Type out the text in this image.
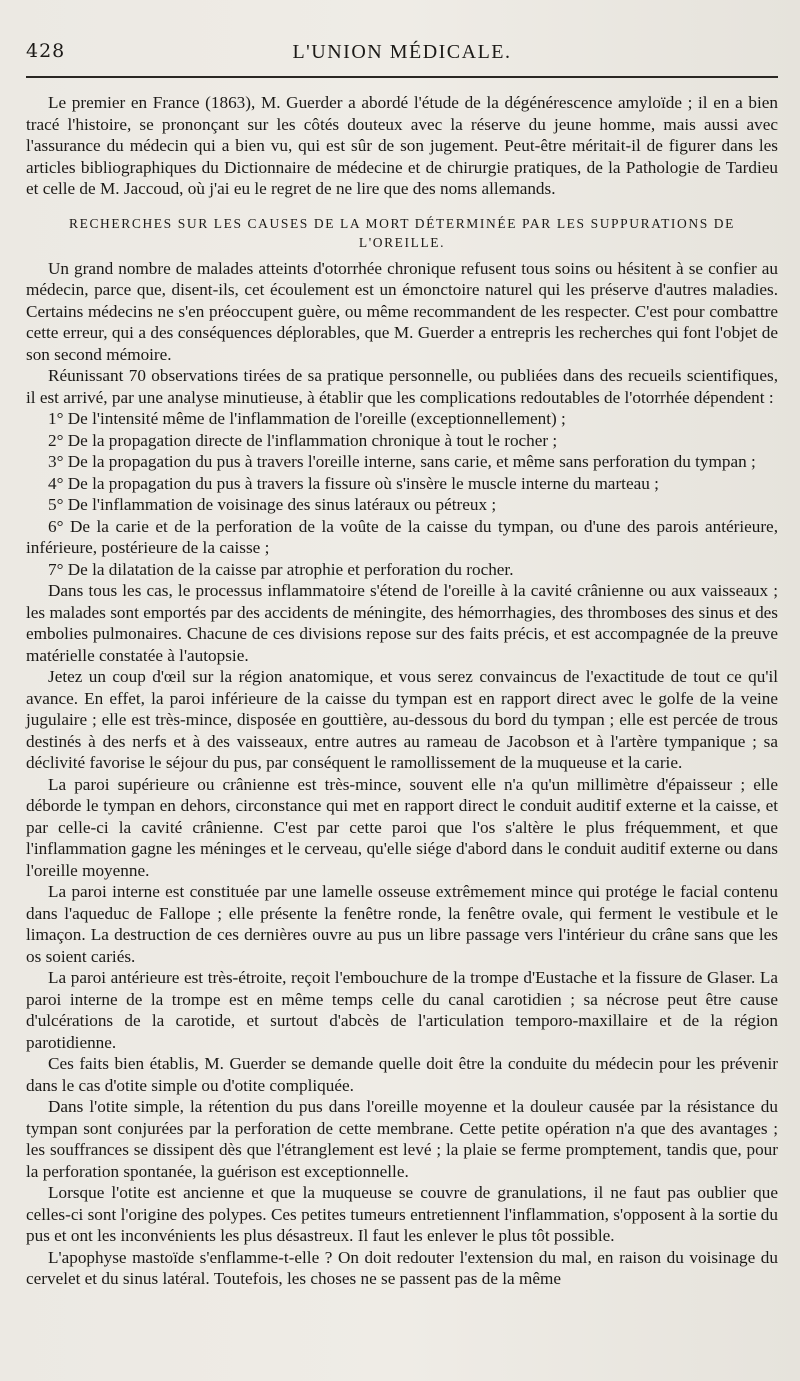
428	L'UNION MÉDICALE.

Le premier en France (1863), M. Guerder a abordé l'étude de la dégénérescence amyloïde ; il en a bien tracé l'histoire, se prononçant sur les côtés douteux avec la réserve du jeune homme, mais aussi avec l'assurance du médecin qui a bien vu, qui est sûr de son jugement. Peut-être méritait-il de figurer dans les articles bibliographiques du Dictionnaire de médecine et de chirurgie pratiques, de la Pathologie de Tardieu et celle de M. Jaccoud, où j'ai eu le regret de ne lire que des noms allemands.

RECHERCHES SUR LES CAUSES DE LA MORT DÉTERMINÉE PAR LES SUPPURATIONS DE L'OREILLE.

Un grand nombre de malades atteints d'otorrhée chronique refusent tous soins ou hésitent à se confier au médecin, parce que, disent-ils, cet écoulement est un émonctoire naturel qui les préserve d'autres maladies. Certains médecins ne s'en préoccupent guère, ou même recommandent de les respecter. C'est pour combattre cette erreur, qui a des conséquences déplorables, que M. Guerder a entrepris les recherches qui font l'objet de son second mémoire.

Réunissant 70 observations tirées de sa pratique personnelle, ou publiées dans des recueils scientifiques, il est arrivé, par une analyse minutieuse, à établir que les complications redoutables de l'otorrhée dépendent :

1° De l'intensité même de l'inflammation de l'oreille (exceptionnellement) ;

2° De la propagation directe de l'inflammation chronique à tout le rocher ;

3° De la propagation du pus à travers l'oreille interne, sans carie, et même sans perforation du tympan ;

4° De la propagation du pus à travers la fissure où s'insère le muscle interne du marteau ;

5° De l'inflammation de voisinage des sinus latéraux ou pétreux ;

6° De la carie et de la perforation de la voûte de la caisse du tympan, ou d'une des parois antérieure, inférieure, postérieure de la caisse ;

7° De la dilatation de la caisse par atrophie et perforation du rocher.

Dans tous les cas, le processus inflammatoire s'étend de l'oreille à la cavité crânienne ou aux vaisseaux ; les malades sont emportés par des accidents de méningite, des hémorrhagies, des thromboses des sinus et des embolies pulmonaires. Chacune de ces divisions repose sur des faits précis, et est accompagnée de la preuve matérielle constatée à l'autopsie.

Jetez un coup d'œil sur la région anatomique, et vous serez convaincus de l'exactitude de tout ce qu'il avance. En effet, la paroi inférieure de la caisse du tympan est en rapport direct avec le golfe de la veine jugulaire ; elle est très-mince, disposée en gouttière, au-dessous du bord du tympan ; elle est percée de trous destinés à des nerfs et à des vaisseaux, entre autres au rameau de Jacobson et à l'artère tympanique ; sa déclivité favorise le séjour du pus, par conséquent le ramollissement de la muqueuse et la carie.

La paroi supérieure ou crânienne est très-mince, souvent elle n'a qu'un millimètre d'épaisseur ; elle déborde le tympan en dehors, circonstance qui met en rapport direct le conduit auditif externe et la caisse, et par celle-ci la cavité crânienne. C'est par cette paroi que l'os s'altère le plus fréquemment, et que l'inflammation gagne les méninges et le cerveau, qu'elle siége d'abord dans le conduit auditif externe ou dans l'oreille moyenne.

La paroi interne est constituée par une lamelle osseuse extrêmement mince qui protége le facial contenu dans l'aqueduc de Fallope ; elle présente la fenêtre ronde, la fenêtre ovale, qui ferment le vestibule et le limaçon. La destruction de ces dernières ouvre au pus un libre passage vers l'intérieur du crâne sans que les os soient cariés.

La paroi antérieure est très-étroite, reçoit l'embouchure de la trompe d'Eustache et la fissure de Glaser. La paroi interne de la trompe est en même temps celle du canal carotidien ; sa nécrose peut être cause d'ulcérations de la carotide, et surtout d'abcès de l'articulation temporo-maxillaire et de la région parotidienne.

Ces faits bien établis, M. Guerder se demande quelle doit être la conduite du médecin pour les prévenir dans le cas d'otite simple ou d'otite compliquée.

Dans l'otite simple, la rétention du pus dans l'oreille moyenne et la douleur causée par la résistance du tympan sont conjurées par la perforation de cette membrane. Cette petite opération n'a que des avantages ; les souffrances se dissipent dès que l'étranglement est levé ; la plaie se ferme promptement, tandis que, pour la perforation spontanée, la guérison est exceptionnelle.

Lorsque l'otite est ancienne et que la muqueuse se couvre de granulations, il ne faut pas oublier que celles-ci sont l'origine des polypes. Ces petites tumeurs entretiennent l'inflammation, s'opposent à la sortie du pus et ont les inconvénients les plus désastreux. Il faut les enlever le plus tôt possible.

L'apophyse mastoïde s'enflamme-t-elle ? On doit redouter l'extension du mal, en raison du voisinage du cervelet et du sinus latéral. Toutefois, les choses ne se passent pas de la même
